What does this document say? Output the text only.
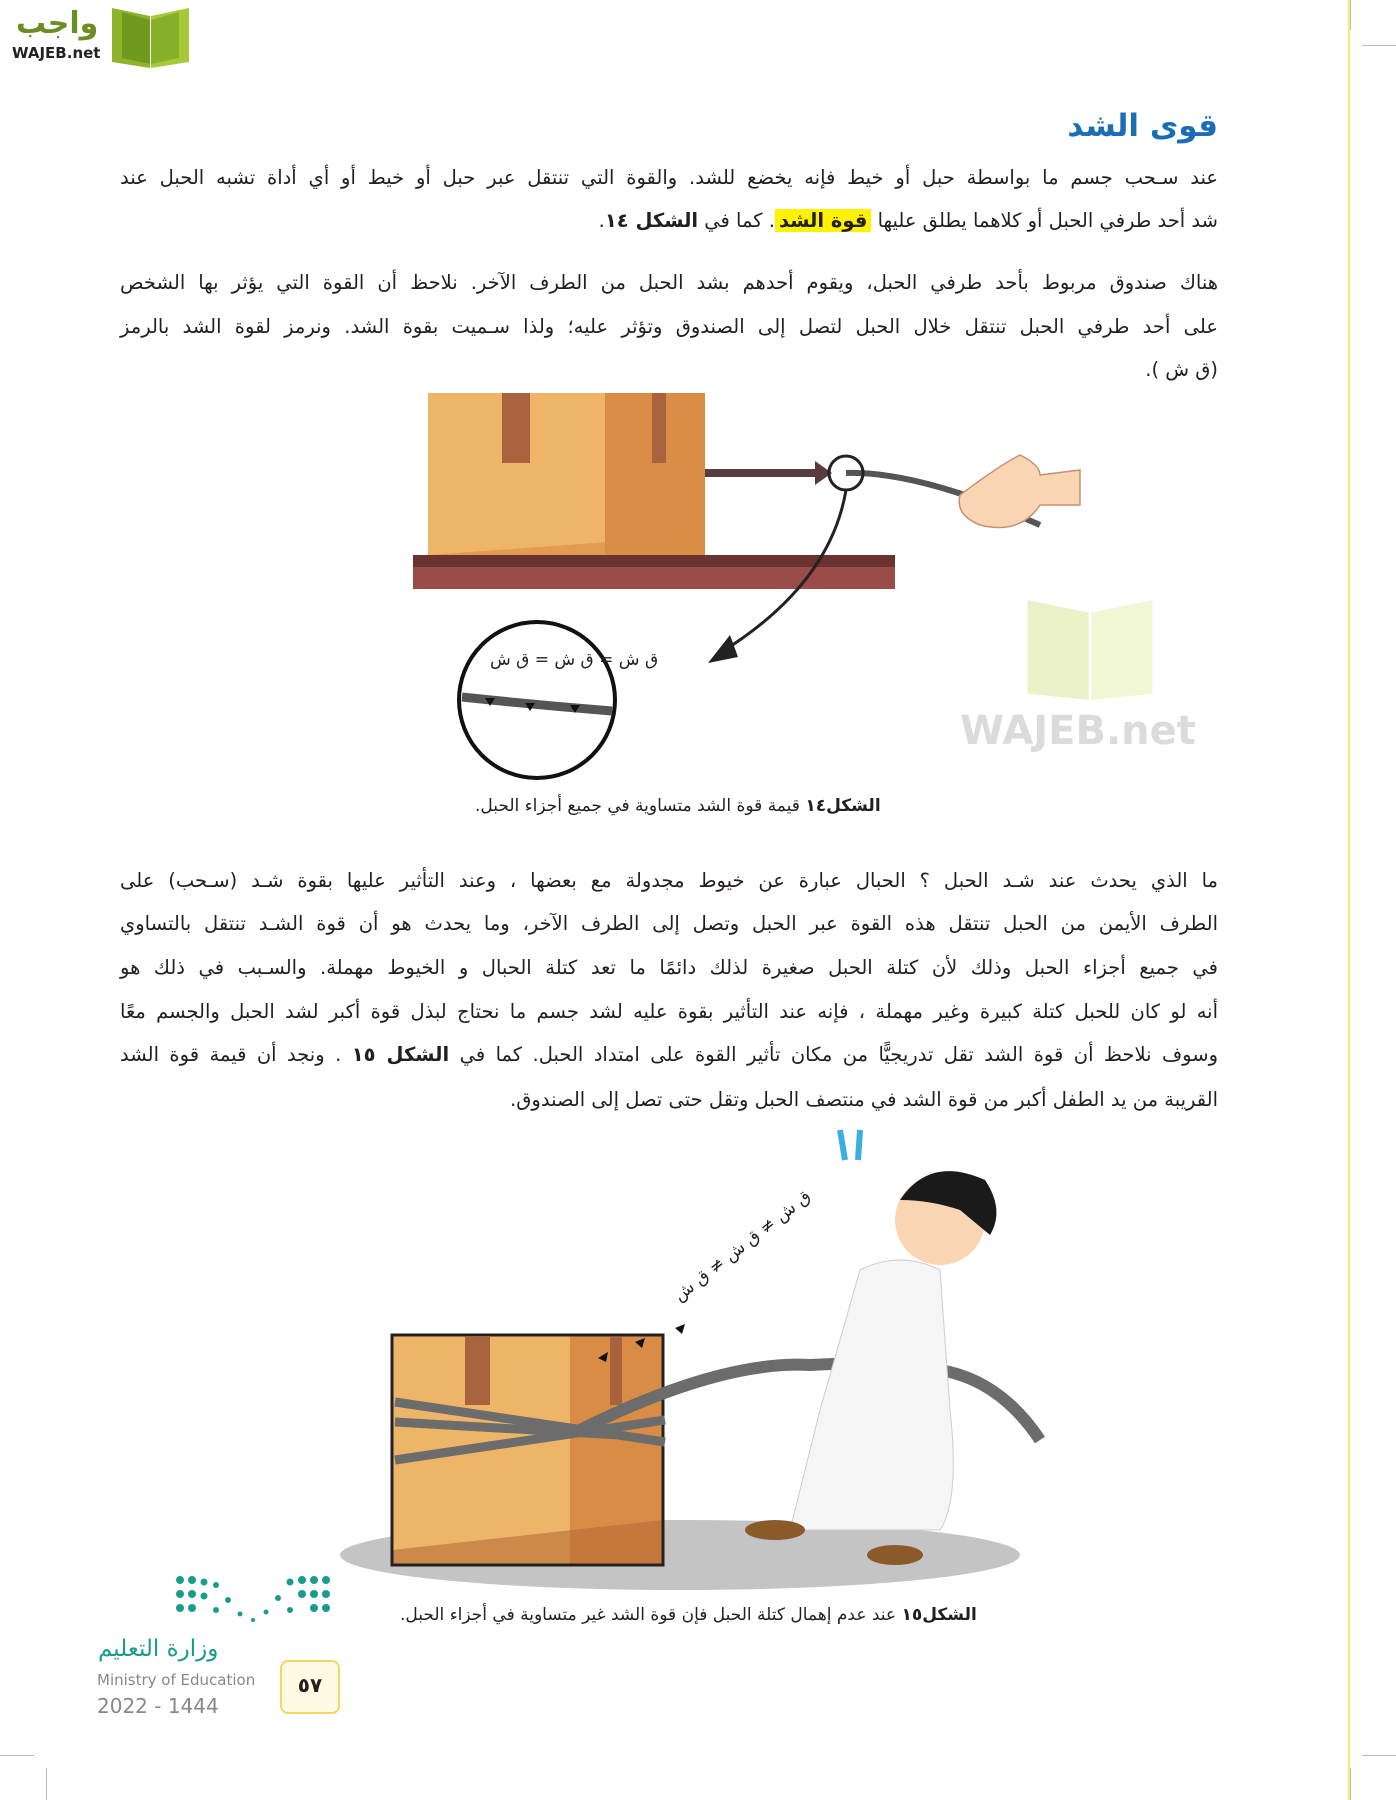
واجب
WAJEB.net
WAJEB.net
قوى الشد
عند سـحب جسم ما بواسطة حبل أو خيط فإنه يخضع للشد. والقوة التي تنتقل عبر حبل أو خيط أو أي أداة تشبه الحبل عند
شد أحد طرفي الحبل أو كلاهما يطلق عليها قوة الشد. كما في الشكل ١٤.
هناك صندوق مربوط بأحد طرفي الحبل، ويقوم أحدهم بشد الحبل من الطرف الآخر. نلاحظ أن القوة التي يؤثر بها الشخص
على أحد طرفي الحبل تنتقل خلال الحبل لتصل إلى الصندوق وتؤثر عليه؛ ولذا سـميت بقوة الشد. ونرمز لقوة الشد بالرمز
(ق ش ).
ق ش = ق ش = ق ش
الشكل١٤ قيمة قوة الشد متساوية في جميع أجزاء الحبل.
ما الذي يحدث عند شـد الحبل ؟ الحبال عبارة عن خيوط مجدولة مع بعضها ، وعند التأثير عليها بقوة شـد (سـحب) على
الطرف الأيمن من الحبل تنتقل هذه القوة عبر الحبل وتصل إلى الطرف الآخر، وما يحدث هو أن قوة الشـد تنتقل بالتساوي
في جميع أجزاء الحبل وذلك لأن كتلة الحبل صغيرة لذلك دائمًا ما تعد كتلة الحبال و الخيوط مهملة. والسـبب في ذلك هو
أنه لو كان للحبل كتلة كبيرة وغير مهملة ، فإنه عند التأثير بقوة عليه لشد جسم ما نحتاج لبذل قوة أكبر لشد الحبل والجسم معًا
وسوف نلاحظ أن قوة الشد تقل تدريجيًّا من مكان تأثير القوة على امتداد الحبل. كما في الشكل ١٥ . ونجد أن قيمة قوة الشد
القريبة من يد الطفل أكبر من قوة الشد في منتصف الحبل وتقل حتى تصل إلى الصندوق.
ق ش ≠ ق ش ≠ ق ش
الشكل١٥ عند عدم إهمال كتلة الحبل فإن قوة الشد غير متساوية في أجزاء الحبل.
وزارة التعليم
Ministry of Education
2022 - 1444
٥٧
